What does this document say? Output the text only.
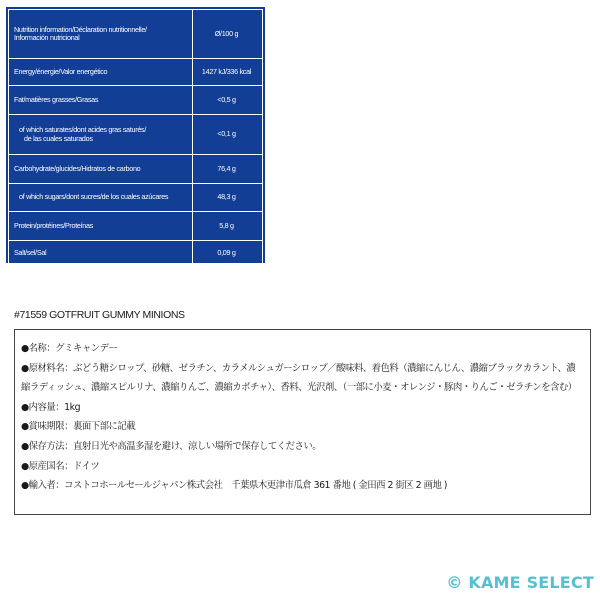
Nutrition information/Déclaration nutritionnelle/
Información nutricional	Ø/100 g
Energy/énergie/Valor energético	1427 kJ/336 kcal
Fat/matières grasses/Grasas	<0,5 g

of which saturates/dont acides gras saturés/
de las cuales saturados	<0,1 g
Carbohydrate/glucides/Hidratos de carbono	76,4 g
of which sugars/dont sucres/de los cuales azúcares	48,3 g
Protein/protéines/Proteínas	5,8 g
Salt/sel/Sal	0,09 g
#71559 GOTFRUIT GUMMY MINIONS
●名称：グミキャンデー
●原材料名：ぶどう糖シロップ、砂糖、ゼラチン、カラメルシュガーシロップ／酸味料、着色料（濃縮にんじん、濃縮ブラックカラント、濃縮ラディッシュ、濃縮スピルリナ、濃縮りんご、濃縮カボチャ）、香料、光沢剤、（一部に小麦・オレンジ・豚肉・りんご・ゼラチンを含む）
●内容量：1kg
●賞味期限：裏面下部に記載
●保存方法：直射日光や高温多湿を避け、涼しい場所で保存してください。
●原産国名：ドイツ
●輸入者：コストコホールセールジャパン株式会社　千葉県木更津市瓜倉 361 番地 ( 金田西 2 街区 2 画地 )
© KAME SELECT
